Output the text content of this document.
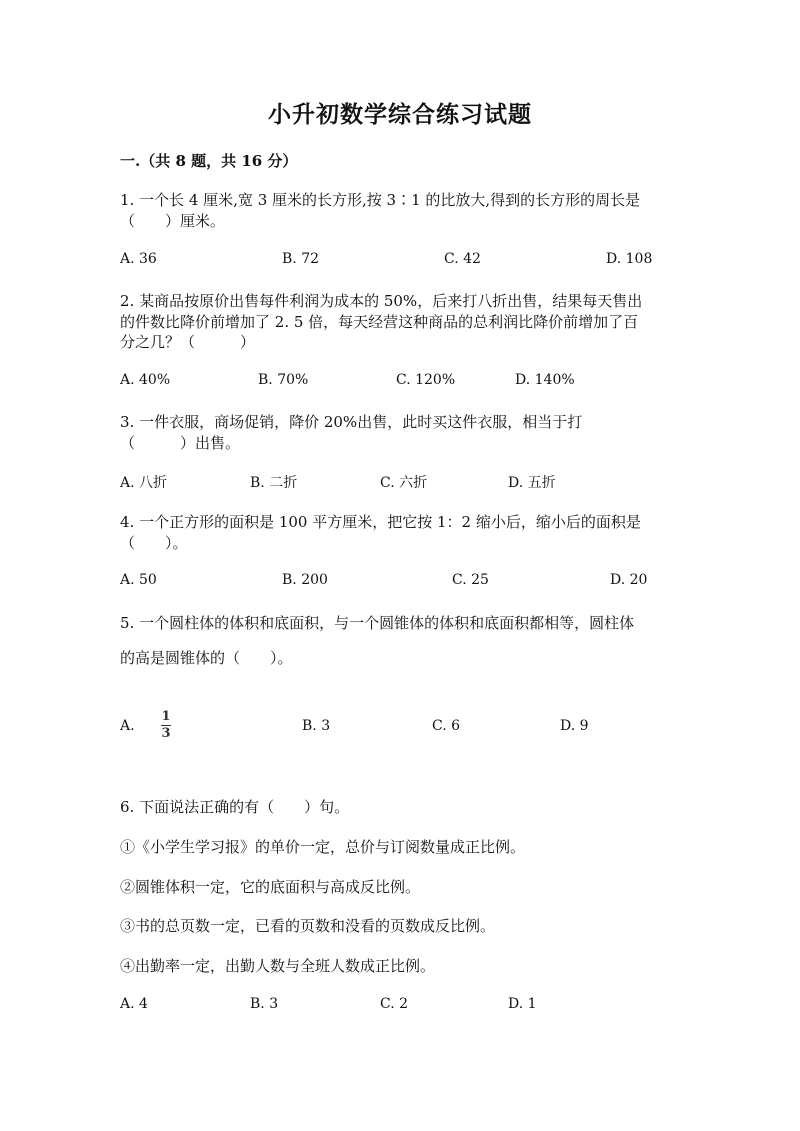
小升初数学综合练习试题
一.（共 8 题，共 16 分）
1. 一个长 4 厘米,宽 3 厘米的长方形,按 3∶1 的比放大,得到的长方形的周长是
（　　）厘米。
A. 36	B. 72	C. 42	D. 108
2. 某商品按原价出售每件利润为成本的 50%，后来打八折出售，结果每天售出
的件数比降价前增加了 2. 5 倍，每天经营这种商品的总利润比降价前增加了百
分之几？（　　　）
A. 40%	B. 70%	C. 120%	D. 140%
3. 一件衣服，商场促销，降价 20%出售，此时买这件衣服，相当于打
（　　　）出售。
A. 八折	B. 二折	C. 六折	D. 五折
4. 一个正方形的面积是 100 平方厘米，把它按 1：2 缩小后，缩小后的面积是
（　　）。
A. 50	B. 200	C. 25	D. 20
5. 一个圆柱体的体积和底面积，与一个圆锥体的体积和底面积都相等，圆柱体
的高是圆锥体的（　　）。
A.
1
3	B. 3	C. 6	D. 9
6. 下面说法正确的有（　　）句。
①《小学生学习报》的单价一定，总价与订阅数量成正比例。
②圆锥体积一定，它的底面积与高成反比例。
③书的总页数一定，已看的页数和没看的页数成反比例。
④出勤率一定，出勤人数与全班人数成正比例。
A. 4	B. 3	C. 2	D. 1
